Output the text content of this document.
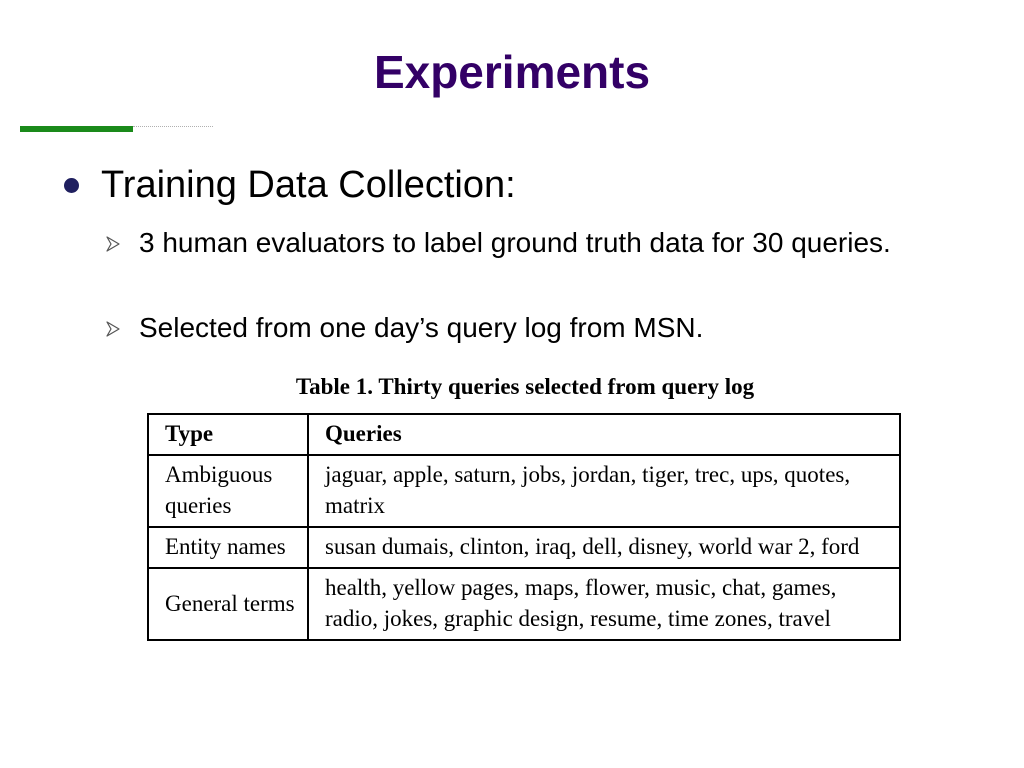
Experiments
Training Data Collection:
3 human evaluators to label ground truth data for 30 queries.
Selected from one day’s query log from MSN.
Table 1. Thirty queries selected from query log
Type	Queries
Ambiguous queries	jaguar, apple, saturn, jobs, jordan, tiger, trec, ups, quotes, matrix
Entity names	susan dumais, clinton, iraq, dell, disney, world war 2, ford
General terms	health, yellow pages, maps, flower, music, chat, games, radio, jokes, graphic design, resume, time zones, travel
